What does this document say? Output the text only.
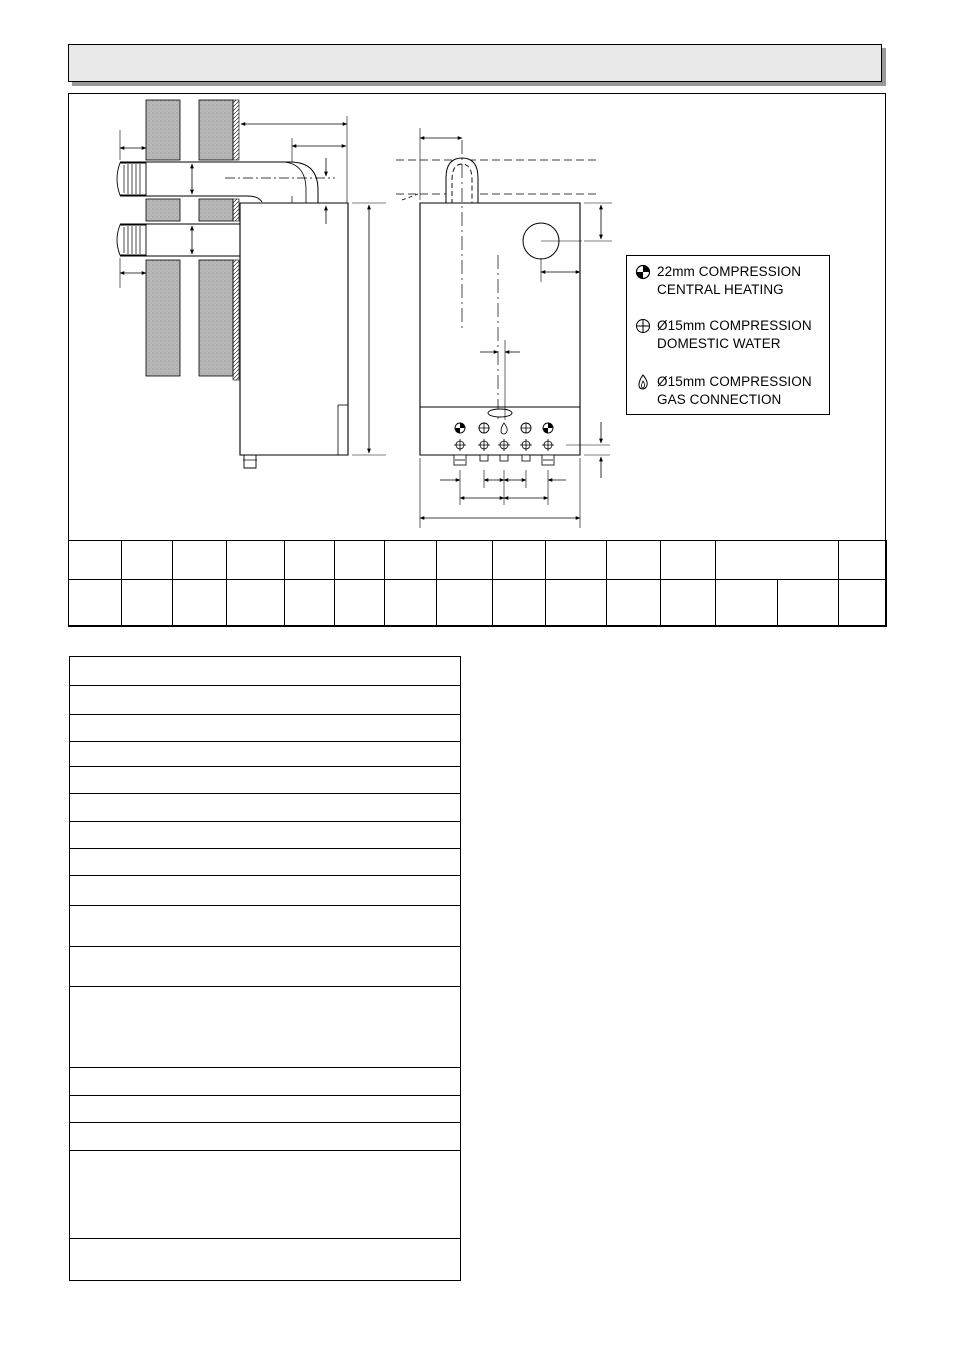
22mm COMPRESSION
CENTRAL HEATING
Ø15mm COMPRESSION
DOMESTIC WATER
Ø15mm COMPRESSION
GAS CONNECTION
